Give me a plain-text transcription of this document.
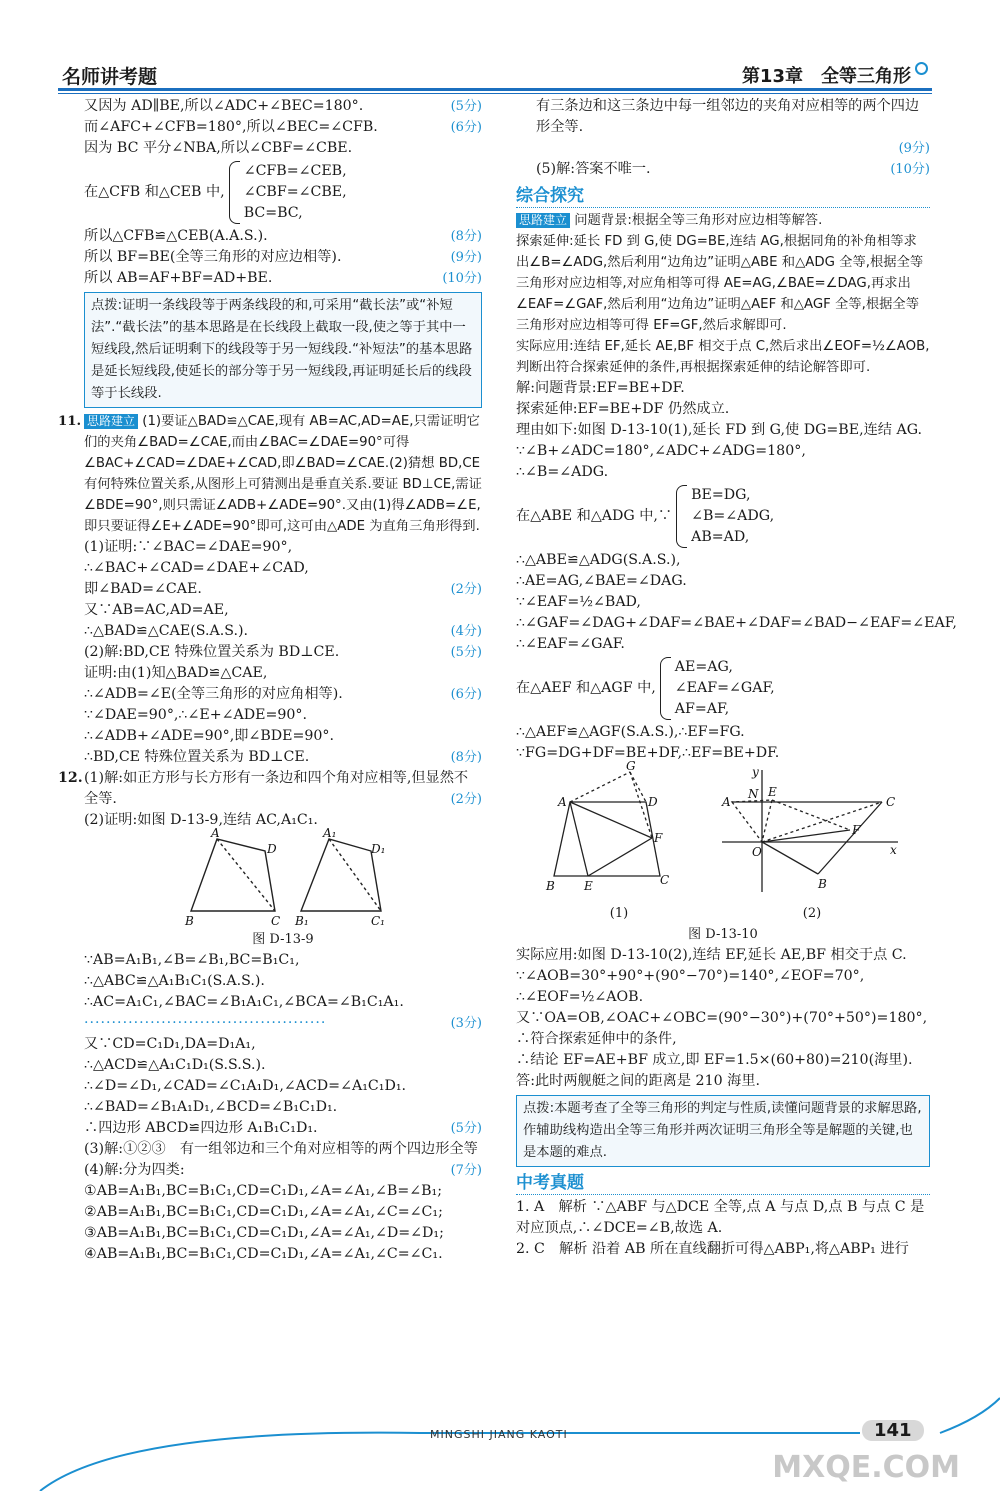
名师讲考题	第13章　全等三角形
又因为 AD∥BE,所以∠ADC+∠BEC=180°.	(5分)
而∠AFC+∠CFB=180°,所以∠BEC=∠CFB.	(6分)
因为 BC 平分∠NBA,所以∠CBF=∠CBE.
在△CFB 和△CEB 中,
∠CFB=∠CEB,
∠CBF=∠CBE,
BC=BC,
所以△CFB≌△CEB(A.A.S.).	(8分)
所以 BF=BE(全等三角形的对应边相等).	(9分)
所以 AB=AF+BF=AD+BE.	(10分)
点拨:证明一条线段等于两条线段的和,可采用“截长法”或“补短法”.“截长法”的基本思路是在长线段上截取一段,使之等于其中一短线段,然后证明剩下的线段等于另一短线段.“补短法”的基本思路是延长短线段,使延长的部分等于另一短线段,再证明延长后的线段等于长线段.
11. 思路建立 (1)要证△BAD≌△CAE,现有 AB=AC,AD=AE,只需证明它们的夹角∠BAD=∠CAE,而由∠BAC=∠DAE=90°可得∠BAC+∠CAD=∠DAE+∠CAD,即∠BAD=∠CAE.(2)猜想 BD,CE 有何特殊位置关系,从图形上可猜测出是垂直关系.要证 BD⊥CE,需证∠BDE=90°,则只需证∠ADB+∠ADE=90°.又由(1)得∠ADB=∠E,即只要证得∠E+∠ADE=90°即可,这可由△ADE 为直角三角形得到.
(1)证明:∵∠BAC=∠DAE=90°,
∴∠BAC+∠CAD=∠DAE+∠CAD,
即∠BAD=∠CAE.	(2分)
又∵AB=AC,AD=AE,
∴△BAD≌△CAE(S.A.S.).	(4分)
(2)解:BD,CE 特殊位置关系为 BD⊥CE.	(5分)
证明:由(1)知△BAD≌△CAE,
∴∠ADB=∠E(全等三角形的对应角相等).	(6分)
∵∠DAE=90°,∴∠E+∠ADE=90°.
∴∠ADB+∠ADE=90°,即∠BDE=90°.
∴BD,CE 特殊位置关系为 BD⊥CE.	(8分)
12.(1)解:如正方形与长方形有一条边和四个角对应相等,但显然不全等.	(2分)
(2)证明:如图 D-13-9,连结 AC,A₁C₁.
A
D
B	C
A₁
D₁
B₁	C₁
图 D-13-9
∵AB=A₁B₁,∠B=∠B₁,BC=B₁C₁,
∴△ABC≌△A₁B₁C₁(S.A.S.).
∴AC=A₁C₁,∠BAC=∠B₁A₁C₁,∠BCA=∠B₁C₁A₁.
············································	(3分)
又∵CD=C₁D₁,DA=D₁A₁,
∴△ACD≌△A₁C₁D₁(S.S.S.).
∴∠D=∠D₁,∠CAD=∠C₁A₁D₁,∠ACD=∠A₁C₁D₁.
∴∠BAD=∠B₁A₁D₁,∠BCD=∠B₁C₁D₁.
∴四边形 ABCD≌四边形 A₁B₁C₁D₁.	(5分)
(3)解:①②③　有一组邻边和三个角对应相等的两个四边形全等
(7分)
(4)解:分为四类:
①AB=A₁B₁,BC=B₁C₁,CD=C₁D₁,∠A=∠A₁,∠B=∠B₁;
②AB=A₁B₁,BC=B₁C₁,CD=C₁D₁,∠A=∠A₁,∠C=∠C₁;
③AB=A₁B₁,BC=B₁C₁,CD=C₁D₁,∠A=∠A₁,∠D=∠D₁;
④AB=A₁B₁,BC=B₁C₁,CD=C₁D₁,∠A=∠A₁,∠C=∠C₁.
有三条边和这三条边中每一组邻边的夹角对应相等的两个四边形全等.
(9分)

(5)解:答案不唯一.	(10分)
综合探究
思路建立 问题背景:根据全等三角形对应边相等解答.
探索延伸:延长 FD 到 G,使 DG=BE,连结 AG,根据同角的补角相等求出∠B=∠ADG,然后利用“边角边”证明△ABE 和△ADG 全等,根据全等三角形对应边相等,对应角相等可得 AE=AG,∠BAE=∠DAG,再求出∠EAF=∠GAF,然后利用“边角边”证明△AEF 和△AGF 全等,根据全等三角形对应边相等可得 EF=GF,然后求解即可.
实际应用:连结 EF,延长 AE,BF 相交于点 C,然后求出∠EOF=½∠AOB,判断出符合探索延伸的条件,再根据探索延伸的结论解答即可.
解:问题背景:EF=BE+DF.
探索延伸:EF=BE+DF 仍然成立.
理由如下:如图 D-13-10(1),延长 FD 到 G,使 DG=BE,连结 AG.
∵∠B+∠ADC=180°,∠ADC+∠ADG=180°,
∴∠B=∠ADG.
在△ABE 和△ADG 中,∵
BE=DG,
∠B=∠ADG,
AB=AD,
∴△ABE≌△ADG(S.A.S.),
∴AE=AG,∠BAE=∠DAG.
∵∠EAF=½∠BAD,
∴∠GAF=∠DAG+∠DAF=∠BAE+∠DAF=∠BAD−∠EAF=∠EAF,
∴∠EAF=∠GAF.
在△AEF 和△AGF 中,
AE=AG,
∠EAF=∠GAF,
AF=AF,
∴△AEF≌△AGF(S.A.S.),∴EF=FG.
∵FG=DG+DF=BE+DF,∴EF=BE+DF.
G
A	D
F
B E	C
(1)
y
x
A
N E
C
F
O
B
(2)
图 D-13-10
实际应用:如图 D-13-10(2),连结 EF,延长 AE,BF 相交于点 C.
∵∠AOB=30°+90°+(90°−70°)=140°,∠EOF=70°,
∴∠EOF=½∠AOB.
又∵OA=OB,∠OAC+∠OBC=(90°−30°)+(70°+50°)=180°,
∴符合探索延伸中的条件,
∴结论 EF=AE+BF 成立,即 EF=1.5×(60+80)=210(海里).
答:此时两舰艇之间的距离是 210 海里.
点拨:本题考查了全等三角形的判定与性质,读懂问题背景的求解思路,作辅助线构造出全等三角形并两次证明三角形全等是解题的关键,也是本题的难点.
中考真题
1. A　解析 ∵△ABF 与△DCE 全等,点 A 与点 D,点 B 与点 C 是对应顶点,∴∠DCE=∠B,故选 A.
2. C　解析 沿着 AB 所在直线翻折可得△ABP₁,将△ABP₁ 进行
MINGSHI JIANG KAOTI	141
MXQE.COM
